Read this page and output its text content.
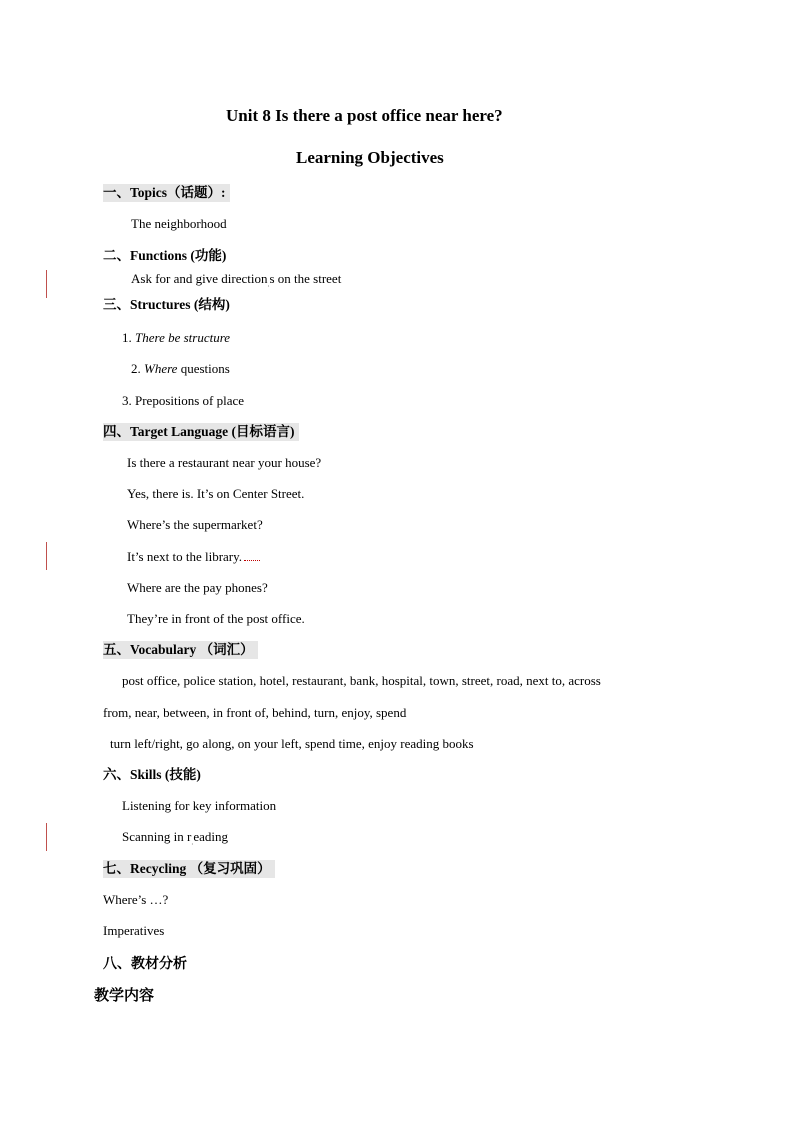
Unit 8 Is there a post office near here?
Learning Objectives
一、Topics（话题）:
The neighborhood
二、Functions (功能)
Ask for and give direction$_.$s on the street
三、Structures (结构)
1. There be structure
2. Where questions
3. Prepositions of place
四、Target Language (目标语言)
Is there a restaurant near your house?
Yes, there is. It’s on Center Street.
Where’s the supermarket?
It’s next to the library.
Where are the pay phones?
They’re in front of the post office.
五、Vocabulary （词汇）
post office, police station, hotel, restaurant, bank, hospital, town, street, road, next to, across
from, near, between, in front of, behind, turn, enjoy, spend
turn left/right, go along, on your left, spend time, enjoy reading books
六、Skills (技能)
Listening for key information
Scanning in $r_.eading$
七、Recycling （复习巩固）
Where’s …?
Imperatives
八、教材分析
教学内容
